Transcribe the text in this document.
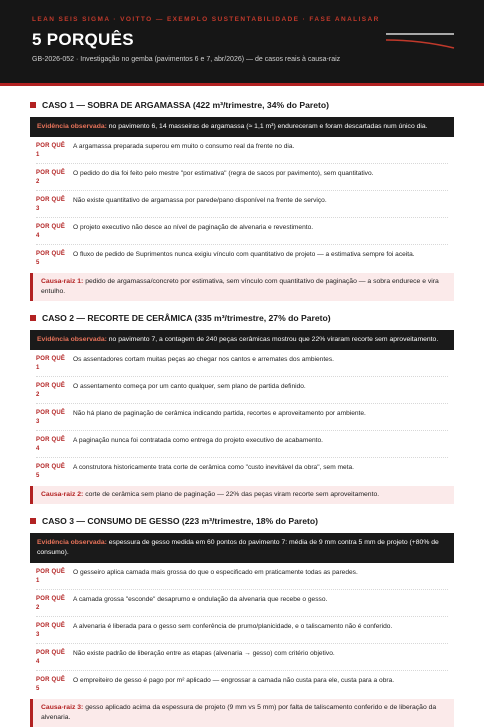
LEAN SEIS SIGMA · VOITTO — EXEMPLO SUSTENTABILIDADE · FASE ANALISAR
5 PORQUÊS
GB-2026-052 · Investigação no gemba (pavimentos 6 e 7, abr/2026) — de casos reais à causa-raiz
CASO 1 — SOBRA DE ARGAMASSA (422 m³/trimestre, 34% do Pareto)
Evidência observada: no pavimento 6, 14 masseiras de argamassa (≈ 1,1 m³) endureceram e foram descartadas num único dia.
POR QUÊ
1
A argamassa preparada superou em muito o consumo real da frente no dia.
POR QUÊ
2
O pedido do dia foi feito pelo mestre "por estimativa" (regra de sacos por pavimento), sem quantitativo.
POR QUÊ
3
Não existe quantitativo de argamassa por parede/pano disponível na frente de serviço.
POR QUÊ
4
O projeto executivo não desce ao nível de paginação de alvenaria e revestimento.
POR QUÊ
5
O fluxo de pedido de Suprimentos nunca exigiu vínculo com quantitativo de projeto — a estimativa sempre foi aceita.
Causa-raiz 1: pedido de argamassa/concreto por estimativa, sem vínculo com quantitativo de paginação — a sobra endurece e vira entulho.
CASO 2 — RECORTE DE CERÂMICA (335 m³/trimestre, 27% do Pareto)
Evidência observada: no pavimento 7, a contagem de 240 peças cerâmicas mostrou que 22% viraram recorte sem aproveitamento.
POR QUÊ
1
Os assentadores cortam muitas peças ao chegar nos cantos e arremates dos ambientes.
POR QUÊ
2
O assentamento começa por um canto qualquer, sem plano de partida definido.
POR QUÊ
3
Não há plano de paginação de cerâmica indicando partida, recortes e aproveitamento por ambiente.
POR QUÊ
4
A paginação nunca foi contratada como entrega do projeto executivo de acabamento.
POR QUÊ
5
A construtora historicamente trata corte de cerâmica como "custo inevitável da obra", sem meta.
Causa-raiz 2: corte de cerâmica sem plano de paginação — 22% das peças viram recorte sem aproveitamento.
CASO 3 — CONSUMO DE GESSO (223 m³/trimestre, 18% do Pareto)
Evidência observada: espessura de gesso medida em 60 pontos do pavimento 7: média de 9 mm contra 5 mm de projeto (+80% de consumo).
POR QUÊ
1
O gesseiro aplica camada mais grossa do que o especificado em praticamente todas as paredes.
POR QUÊ
2
A camada grossa "esconde" desaprumo e ondulação da alvenaria que recebe o gesso.
POR QUÊ
3
A alvenaria é liberada para o gesso sem conferência de prumo/planicidade, e o taliscamento não é conferido.
POR QUÊ
4
Não existe padrão de liberação entre as etapas (alvenaria → gesso) com critério objetivo.
POR QUÊ
5
O empreiteiro de gesso é pago por m² aplicado — engrossar a camada não custa para ele, custa para a obra.
Causa-raiz 3: gesso aplicado acima da espessura de projeto (9 mm vs 5 mm) por falta de taliscamento conferido e de liberação da alvenaria.
